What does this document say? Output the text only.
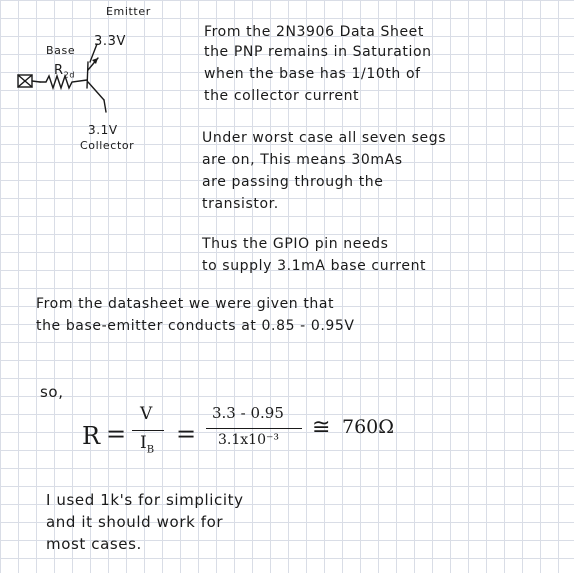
Emitter
Base
3.3V
$R_{2d}$
3.1V
Collector
From the 2N3906 Data Sheet
the PNP remains in Saturation
when the base has 1/10th of
the collector current
Under worst case all seven segs
are on, This means 30mAs
are passing through the
transistor.
Thus the GPIO pin needs
to supply 3.1mA base current
From the datasheet we were given that
the base-emitter conducts at 0.85 - 0.95V
so,
R =
V
$I_B$
=
3.3 - 0.95
3.1x10⁻³ ≅ 760Ω
I used 1k's for simplicity
and it should work for
most cases.
